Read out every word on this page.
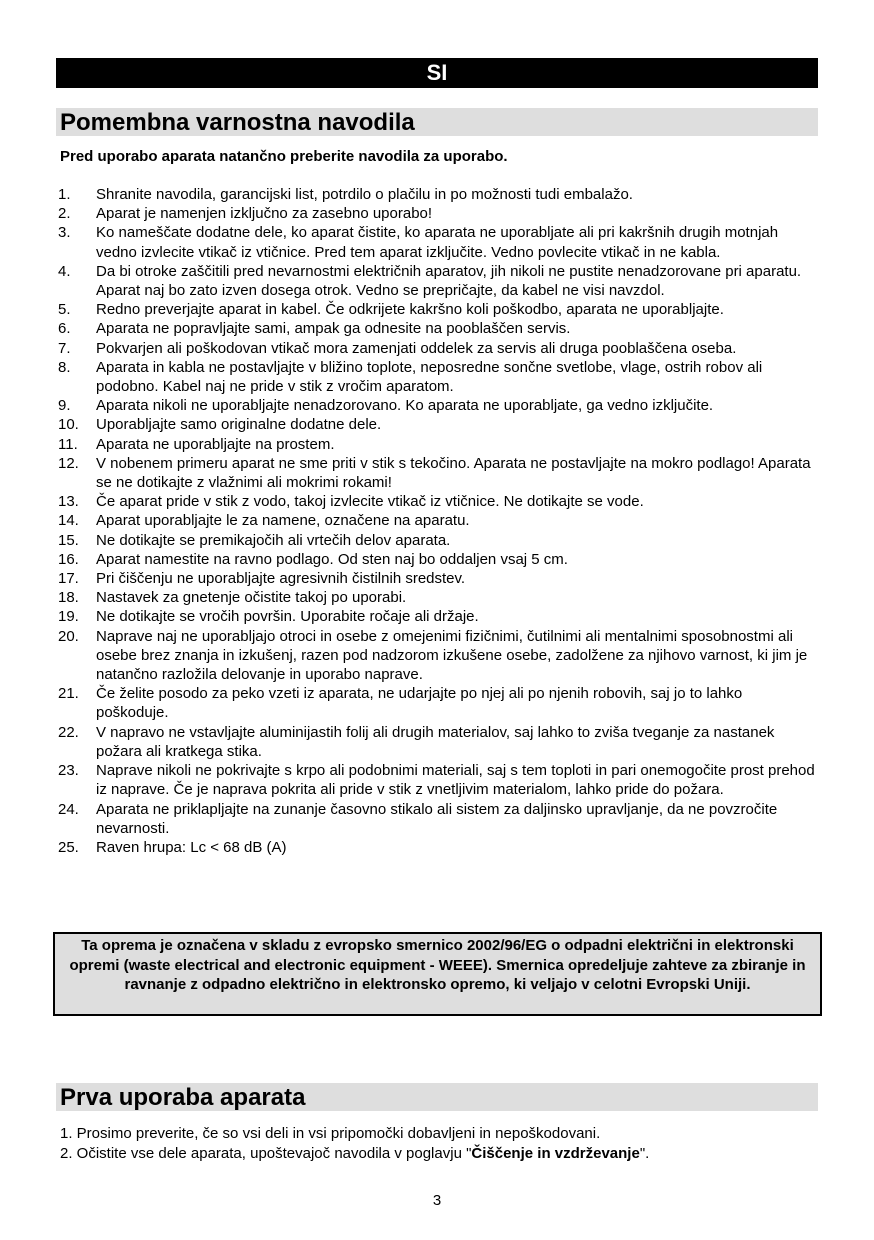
SI
Pomembna varnostna navodila
Pred uporabo aparata natančno preberite navodila za uporabo.
1.	Shranite navodila, garancijski list, potrdilo o plačilu in po možnosti tudi embalažo.
2.	Aparat je namenjen izključno za zasebno uporabo!
3.	Ko nameščate dodatne dele, ko aparat čistite, ko aparata ne uporabljate ali pri kakršnih drugih motnjah vedno izvlecite vtikač iz vtičnice. Pred tem aparat izključite. Vedno povlecite vtikač in ne kabla.
4.	Da bi otroke zaščitili pred nevarnostmi električnih aparatov, jih nikoli ne pustite nenadzorovane pri aparatu. Aparat naj bo zato izven dosega otrok. Vedno se prepričajte, da kabel ne visi navzdol.
5.	Redno preverjajte aparat in kabel. Če odkrijete kakršno koli poškodbo, aparata ne uporabljajte.
6.	Aparata ne popravljajte sami, ampak ga odnesite na pooblaščen servis.
7.	Pokvarjen ali poškodovan vtikač mora zamenjati oddelek za servis ali druga pooblaščena oseba.
8.	Aparata in kabla ne postavljajte v bližino toplote, neposredne sončne svetlobe, vlage, ostrih robov ali podobno. Kabel naj ne pride v stik z vročim aparatom.
9.	Aparata nikoli ne uporabljajte nenadzorovano. Ko aparata ne uporabljate, ga vedno izključite.
10.	Uporabljajte samo originalne dodatne dele.
11.	Aparata ne uporabljajte na prostem.
12.	V nobenem primeru aparat ne sme priti v stik s tekočino. Aparata ne postavljajte na mokro podlago! Aparata se ne dotikajte z vlažnimi ali mokrimi rokami!
13.	Če aparat pride v stik z vodo, takoj izvlecite vtikač iz vtičnice. Ne dotikajte se vode.
14.	Aparat uporabljajte le za namene, označene na aparatu.
15.	Ne dotikajte se premikajočih ali vrtečih delov aparata.
16.	Aparat namestite na ravno podlago. Od sten naj bo oddaljen vsaj 5 cm.
17.	Pri čiščenju ne uporabljajte agresivnih čistilnih sredstev.
18.	Nastavek za gnetenje očistite takoj po uporabi.
19.	Ne dotikajte se vročih površin. Uporabite ročaje ali držaje.
20.	Naprave naj ne uporabljajo otroci in osebe z omejenimi fizičnimi, čutilnimi ali mentalnimi sposobnostmi ali osebe brez znanja in izkušenj, razen pod nadzorom izkušene osebe, zadolžene za njihovo varnost, ki jim je natančno razložila delovanje in uporabo naprave.
21.	Če želite posodo za peko vzeti iz aparata, ne udarjajte po njej ali po njenih robovih, saj jo to lahko poškoduje.
22.	V napravo ne vstavljajte aluminijastih folij ali drugih materialov, saj lahko to zviša tveganje za nastanek požara ali kratkega stika.
23.	Naprave nikoli ne pokrivajte s krpo ali podobnimi materiali, saj s tem toploti in pari onemogočite prost prehod iz naprave. Če je naprava pokrita ali pride v stik z vnetljivim materialom, lahko pride do požara.
24.	Aparata ne priklapljajte na zunanje časovno stikalo ali sistem za daljinsko upravljanje, da ne povzročite nevarnosti.
25.	Raven hrupa: Lc < 68 dB (A)
Ta oprema je označena v skladu z evropsko smernico 2002/96/EG o odpadni električni in elektronski opremi (waste electrical and electronic equipment - WEEE). Smernica opredeljuje zahteve za zbiranje in ravnanje z odpadno električno in elektronsko opremo, ki veljajo v celotni Evropski Uniji.
Prva uporaba aparata
1. Prosimo preverite, če so vsi deli in vsi pripomočki dobavljeni in nepoškodovani.
2. Očistite vse dele aparata, upoštevajoč navodila v poglavju "Čiščenje in vzdrževanje".
3
